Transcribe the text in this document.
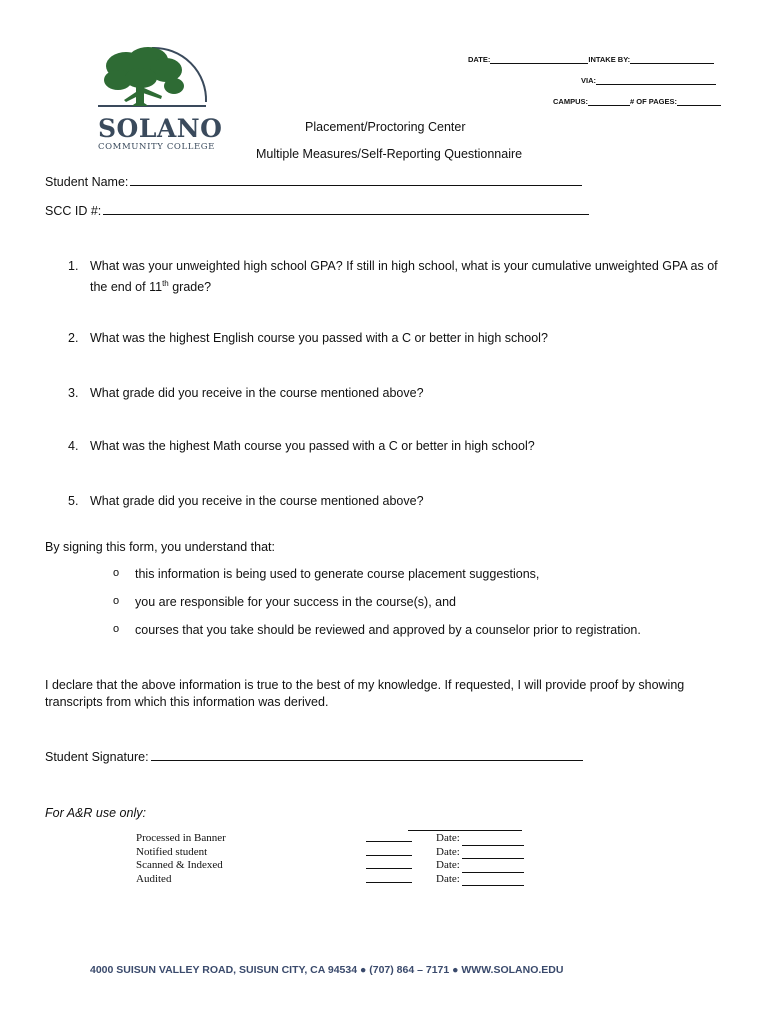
SOLANO
COMMUNITY COLLEGE
DATE:	INTAKE BY:
VIA:
CAMPUS:	# OF PAGES:
Placement/Proctoring Center
Multiple Measures/Self-Reporting Questionnaire
Student Name:
SCC ID #:
1. What was your unweighted high school GPA? If still in high school, what is your cumulative unweighted GPA as of the end of 11th grade?
2. What was the highest English course you passed with a C or better in high school?
3. What grade did you receive in the course mentioned above?
4. What was the highest Math course you passed with a C or better in high school?
5. What grade did you receive in the course mentioned above?
By signing this form, you understand that:
o	this information is being used to generate course placement suggestions,
o	you are responsible for your success in the course(s), and
o	courses that you take should be reviewed and approved by a counselor prior to registration.
I declare that the above information is true to the best of my knowledge. If requested, I will provide proof by showing transcripts from which this information was derived.
Student Signature:
For A&R use only:
Processed in Banner	Date:
Notified student	Date:
Scanned & Indexed	Date:
Audited	Date:
4000 SUISUN VALLEY ROAD, SUISUN CITY, CA 94534 ● (707) 864 – 7171 ● WWW.SOLANO.EDU
